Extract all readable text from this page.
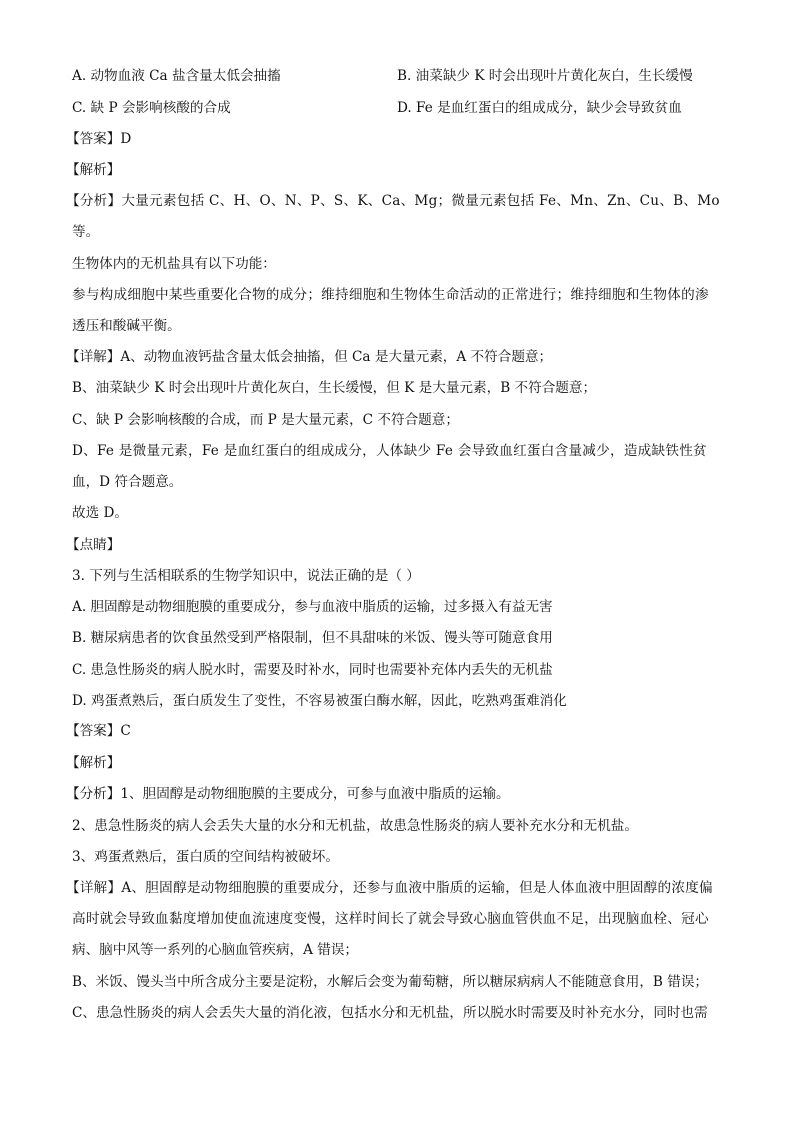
A. 动物血液 Ca 盐含量太低会抽搐	B. 油菜缺少 K 时会出现叶片黄化灰白，生长缓慢
C. 缺 P 会影响核酸的合成	D. Fe 是血红蛋白的组成成分，缺少会导致贫血
【答案】D
【解析】
【分析】大量元素包括 C、H、O、N、P、S、K、Ca、Mg；微量元素包括 Fe、Mn、Zn、Cu、B、Mo
等。
生物体内的无机盐具有以下功能：
参与构成细胞中某些重要化合物的成分；维持细胞和生物体生命活动的正常进行；维持细胞和生物体的渗
透压和酸碱平衡。
【详解】A、动物血液钙盐含量太低会抽搐，但 Ca 是大量元素，A 不符合题意；
B、油菜缺少 K 时会出现叶片黄化灰白，生长缓慢，但 K 是大量元素，B 不符合题意；
C、缺 P 会影响核酸的合成，而 P 是大量元素，C 不符合题意；
D、Fe 是微量元素，Fe 是血红蛋白的组成成分，人体缺少 Fe 会导致血红蛋白含量减少，造成缺铁性贫
血，D 符合题意。
故选 D。
【点睛】
3. 下列与生活相联系的生物学知识中，说法正确的是（ ）
A. 胆固醇是动物细胞膜的重要成分，参与血液中脂质的运输，过多摄入有益无害
B. 糖尿病患者的饮食虽然受到严格限制，但不具甜味的米饭、馒头等可随意食用
C. 患急性肠炎的病人脱水时，需要及时补水，同时也需要补充体内丢失的无机盐
D. 鸡蛋煮熟后，蛋白质发生了变性，不容易被蛋白酶水解，因此，吃熟鸡蛋难消化
【答案】C
【解析】
【分析】1、胆固醇是动物细胞膜的主要成分，可参与血液中脂质的运输。
2、患急性肠炎的病人会丢失大量的水分和无机盐，故患急性肠炎的病人要补充水分和无机盐。
3、鸡蛋煮熟后，蛋白质的空间结构被破坏。
【详解】A、胆固醇是动物细胞膜的重要成分，还参与血液中脂质的运输，但是人体血液中胆固醇的浓度偏
高时就会导致血黏度增加使血流速度变慢，这样时间长了就会导致心脑血管供血不足，出现脑血栓、冠心
病、脑中风等一系列的心脑血管疾病，A 错误；
B、米饭、馒头当中所含成分主要是淀粉，水解后会变为葡萄糖，所以糖尿病病人不能随意食用，B 错误；
C、患急性肠炎的病人会丢失大量的消化液，包括水分和无机盐，所以脱水时需要及时补充水分，同时也需
